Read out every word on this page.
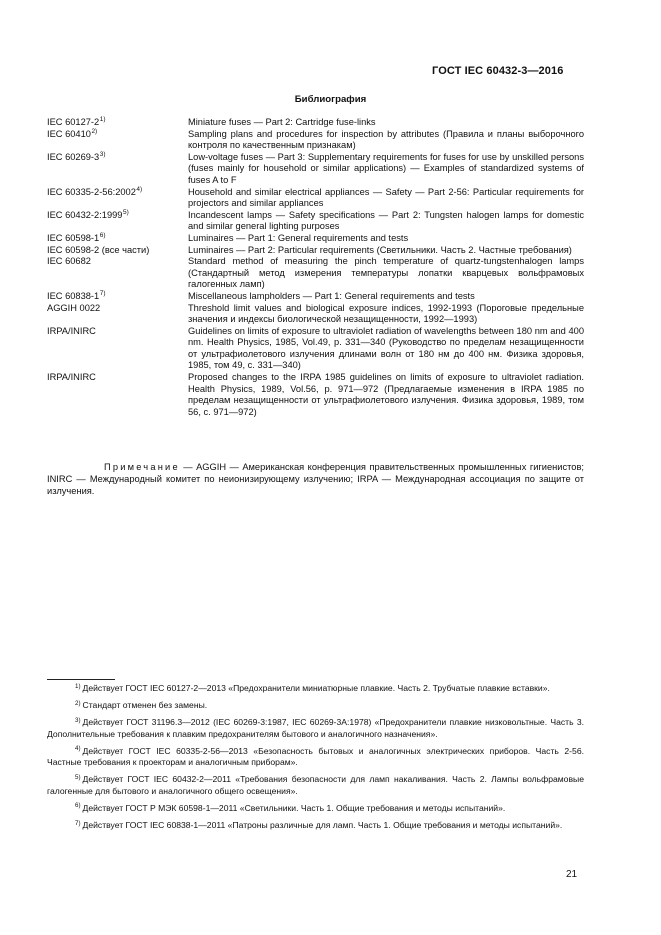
ГОСТ IEC 60432-3—2016
Библиография
IEC 60127-2$^{1)}$	Miniature fuses — Part 2: Cartridge fuse-links
IEC 60410$^{2)}$	Sampling plans and procedures for inspection by attributes (Правила и планы выборочного контроля по качественным признакам)
IEC 60269-3$^{3)}$	Low-voltage fuses — Part 3: Supplementary requirements for fuses for use by unskilled persons (fuses mainly for household or similar applications) — Examples of standardized systems of fuses A to F
IEC 60335-2-56:2002$^{4)}$	Household and similar electrical appliances — Safety — Part 2-56: Particular requirements for projectors and similar appliances
IEC 60432-2:1999$^{5)}$	Incandescent lamps — Safety specifications — Part 2: Tungsten halogen lamps for domestic and similar general lighting purposes
IEC 60598-1$^{6)}$	Luminaires — Part 1: General requirements and tests
IEC 60598-2 (все части)	Luminaires — Part 2: Particular requirements (Светильники. Часть 2. Частные требования)
IEC 60682	Standard method of measuring the pinch temperature of quartz-tungstenhalogen lamps (Стандартный метод измерения температуры лопатки кварцевых вольфрамовых галогенных ламп)
IEC 60838-1$^{7)}$	Miscellaneous lampholders — Part 1: General requirements and tests
AGGIH 0022	Threshold limit values and biological exposure indices, 1992-1993 (Пороговые предельные значения и индексы биологической незащищенности, 1992—1993)
IRPA/INIRC	Guidelines on limits of exposure to ultraviolet radiation of wavelengths between 180 nm and 400 nm. Health Physics, 1985, Vol.49, p. 331—340 (Руководство по пределам незащищенности от ультрафиолетового излучения длинами волн от 180 нм до 400 нм. Физика здоровья, 1985, том 49, с. 331—340)
IRPA/INIRC	Proposed changes to the IRPA 1985 guidelines on limits of exposure to ultraviolet radiation. Health Physics, 1989, Vol.56, p. 971—972 (Предлагаемые изменения в IRPA 1985 по пределам незащищенности от ультрафиолетового излучения. Физика здоровья, 1989, том 56, с. 971—972)
Примечание — AGGIH — Американская конференция правительственных промышленных гигиенистов; INIRC — Международный комитет по неионизирующему излучению; IRPA — Международная ассоциация по защите от излучения.
$^{1)}$ Действует ГОСТ IEC 60127-2—2013 «Предохранители миниатюрные плавкие. Часть 2. Трубчатые плавкие вставки».
$^{2)}$ Стандарт отменен без замены.
$^{3)}$ Действует ГОСТ 31196.3—2012 (IEC 60269-3:1987, IEC 60269-3A:1978) «Предохранители плавкие низковольтные. Часть 3. Дополнительные требования к плавким предохранителям бытового и аналогичного назначения».
$^{4)}$ Действует ГОСТ IEC 60335-2-56—2013 «Безопасность бытовых и аналогичных электрических приборов. Часть 2-56. Частные требования к проекторам и аналогичным приборам».
$^{5)}$ Действует ГОСТ IEC 60432-2—2011 «Требования безопасности для ламп накаливания. Часть 2. Лампы вольфрамовые галогенные для бытового и аналогичного общего освещения».
$^{6)}$ Действует ГОСТ Р МЭК 60598-1—2011 «Светильники. Часть 1. Общие требования и методы испытаний».
$^{7)}$ Действует ГОСТ IEC 60838-1—2011 «Патроны различные для ламп. Часть 1. Общие требования и методы испытаний».
21
